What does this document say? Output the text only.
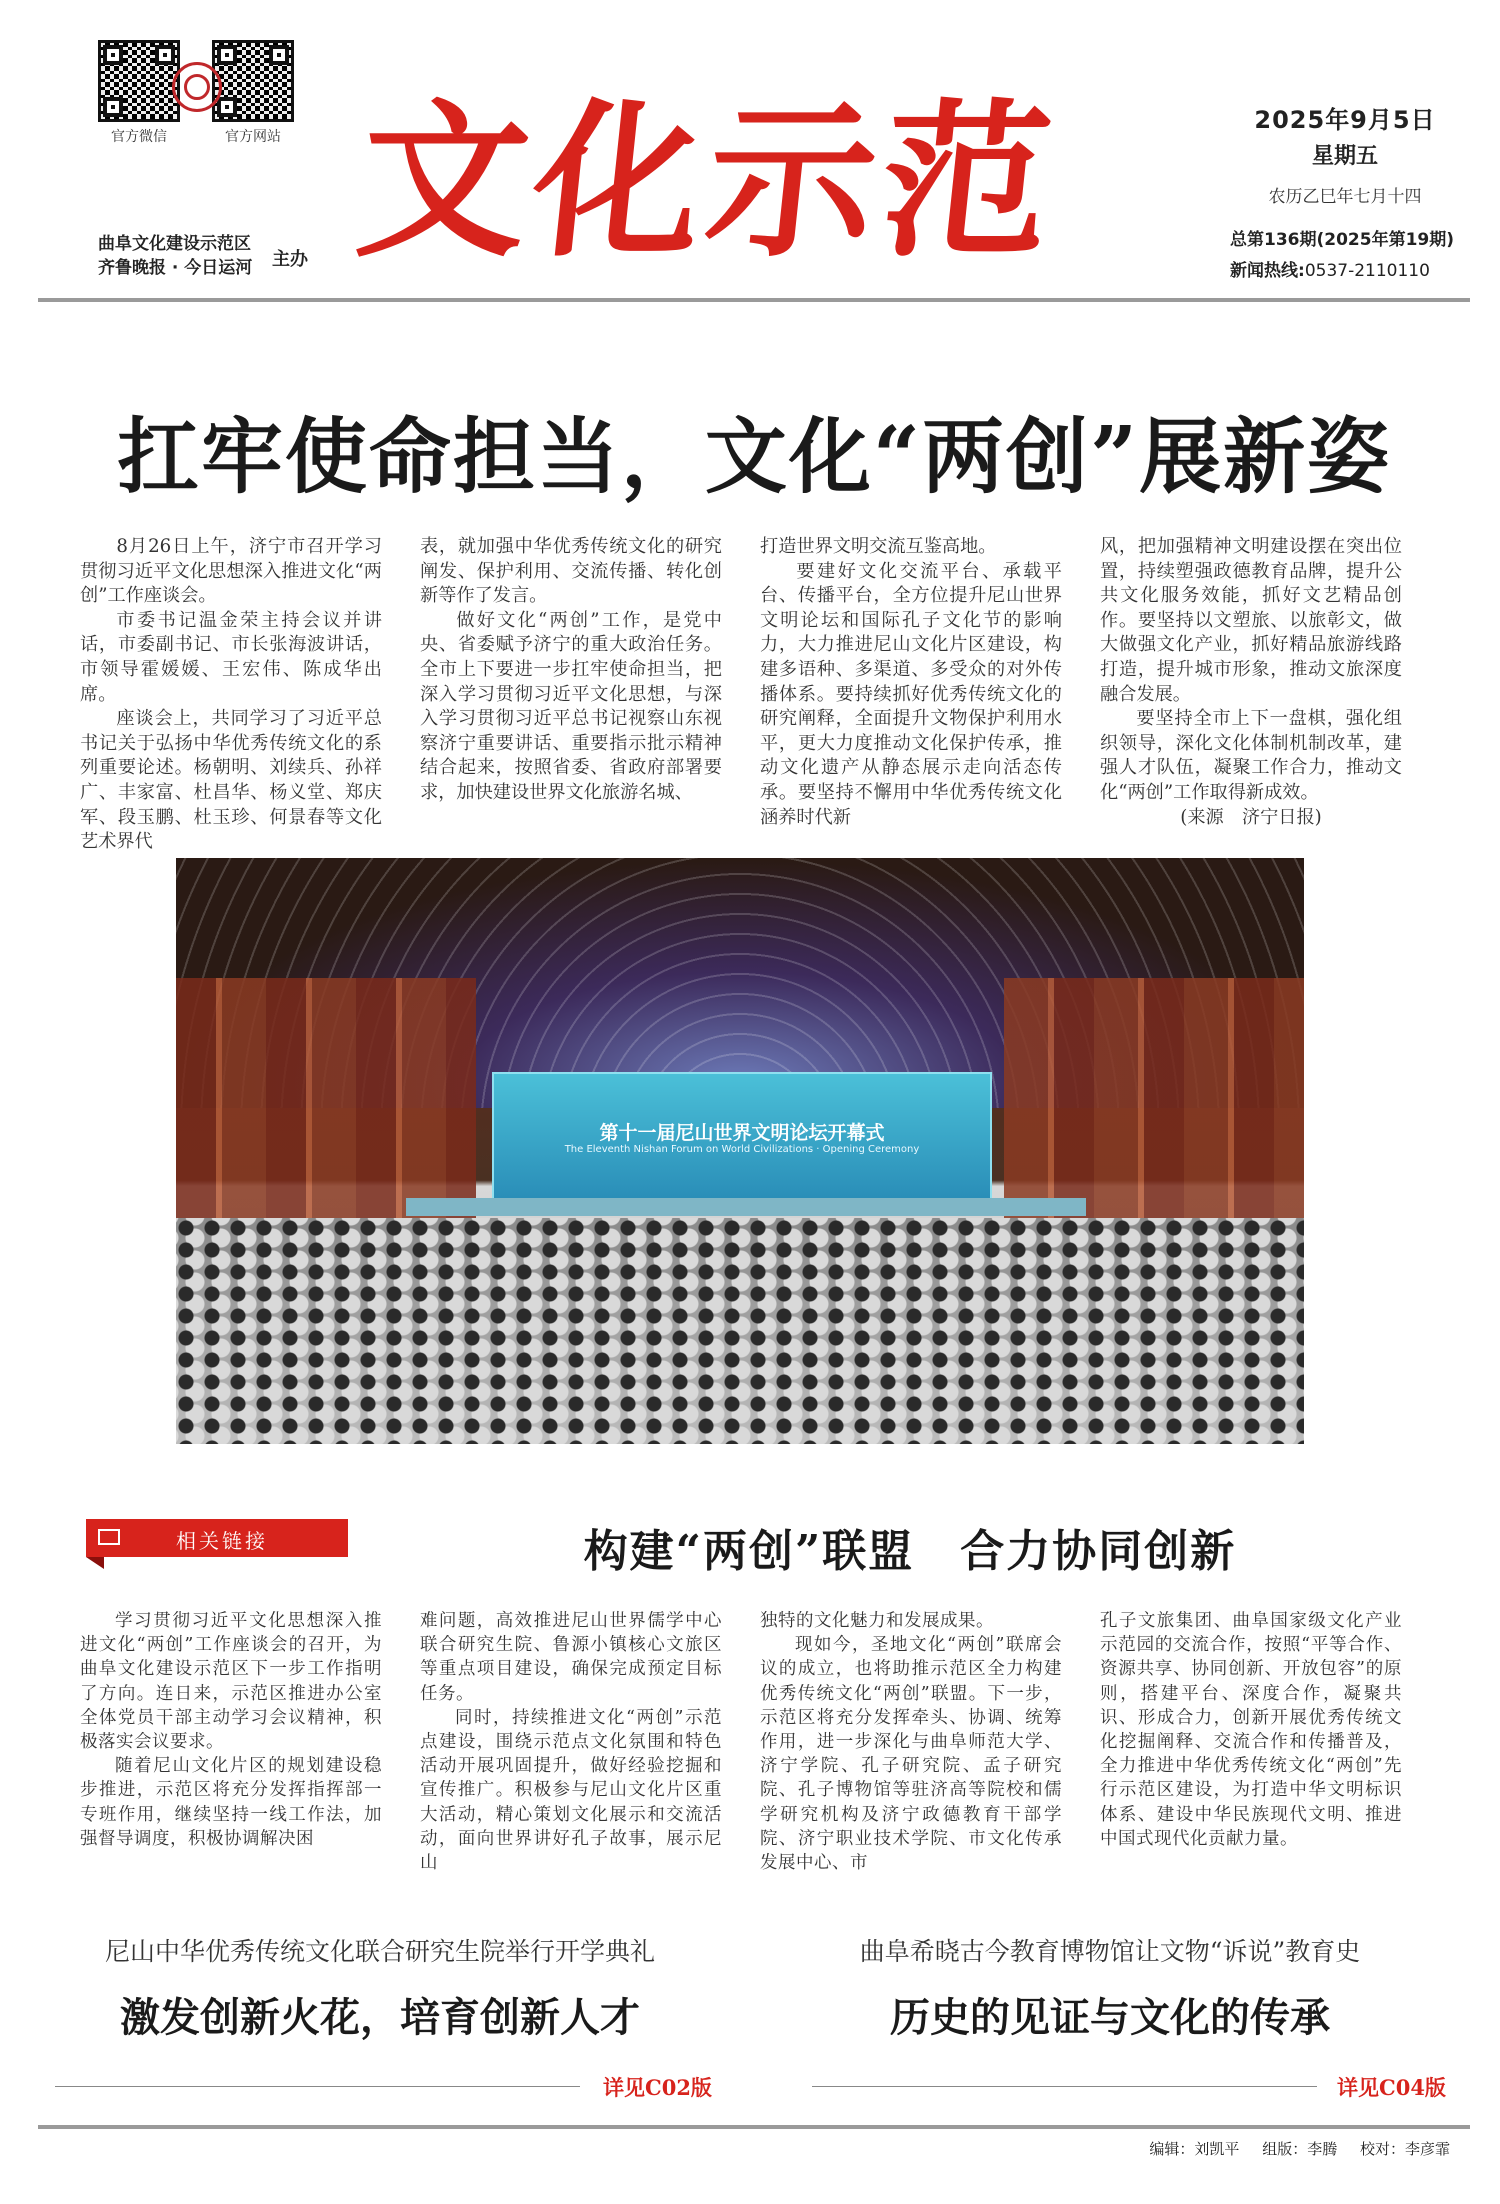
官方微信	官方网站
曲阜文化建设示范区
齐鲁晚报 · 今日运河 主办 文化示范	2025年9月5日
星期五
农历乙巳年七月十四
总第136期(2025年第19期)
新闻热线:0537-2110110
扛牢使命担当，文化“两创”展新姿

8月26日上午，济宁市召开学习贯彻习近平文化思想深入推进文化“两创”工作座谈会。

市委书记温金荣主持会议并讲话，市委副书记、市长张海波讲话，市领导霍媛媛、王宏伟、陈成华出席。

座谈会上，共同学习了习近平总书记关于弘扬中华优秀传统文化的系列重要论述。杨朝明、刘续兵、孙祥广、丰家富、杜昌华、杨义堂、郑庆军、段玉鹏、杜玉珍、何景春等文化艺术界代

表，就加强中华优秀传统文化的研究阐发、保护利用、交流传播、转化创新等作了发言。

做好文化“两创”工作，是党中央、省委赋予济宁的重大政治任务。全市上下要进一步扛牢使命担当，把深入学习贯彻习近平文化思想，与深入学习贯彻习近平总书记视察山东视察济宁重要讲话、重要指示批示精神结合起来，按照省委、省政府部署要求，加快建设世界文化旅游名城、

打造世界文明交流互鉴高地。

要建好文化交流平台、承载平台、传播平台，全方位提升尼山世界文明论坛和国际孔子文化节的影响力，大力推进尼山文化片区建设，构建多语种、多渠道、多受众的对外传播体系。要持续抓好优秀传统文化的研究阐释，全面提升文物保护利用水平，更大力度推动文化保护传承，推动文化遗产从静态展示走向活态传承。要坚持不懈用中华优秀传统文化涵养时代新

风，把加强精神文明建设摆在突出位置，持续塑强政德教育品牌，提升公共文化服务效能，抓好文艺精品创作。要坚持以文塑旅、以旅彰文，做大做强文化产业，抓好精品旅游线路打造，提升城市形象，推动文旅深度融合发展。

要坚持全市上下一盘棋，强化组织领导，深化文化体制机制改革，建强人才队伍，凝聚工作合力，推动文化“两创”工作取得新成效。

(来源　济宁日报)

第十一届尼山世界文明论坛开幕式
The Eleventh Nishan Forum on World Civilizations · Opening Ceremony
相关链接	构建“两创”联盟　合力协同创新

学习贯彻习近平文化思想深入推进文化“两创”工作座谈会的召开，为曲阜文化建设示范区下一步工作指明了方向。连日来，示范区推进办公室全体党员干部主动学习会议精神，积极落实会议要求。

随着尼山文化片区的规划建设稳步推进，示范区将充分发挥指挥部一专班作用，继续坚持一线工作法，加强督导调度，积极协调解决困

难问题，高效推进尼山世界儒学中心联合研究生院、鲁源小镇核心文旅区等重点项目建设，确保完成预定目标任务。

同时，持续推进文化“两创”示范点建设，围绕示范点文化氛围和特色活动开展巩固提升，做好经验挖掘和宣传推广。积极参与尼山文化片区重大活动，精心策划文化展示和交流活动，面向世界讲好孔子故事，展示尼山

独特的文化魅力和发展成果。

现如今，圣地文化“两创”联席会议的成立，也将助推示范区全力构建优秀传统文化“两创”联盟。下一步，示范区将充分发挥牵头、协调、统筹作用，进一步深化与曲阜师范大学、济宁学院、孔子研究院、孟子研究院、孔子博物馆等驻济高等院校和儒学研究机构及济宁政德教育干部学院、济宁职业技术学院、市文化传承发展中心、市

孔子文旅集团、曲阜国家级文化产业示范园的交流合作，按照“平等合作、资源共享、协同创新、开放包容”的原则，搭建平台、深度合作，凝聚共识、形成合力，创新开展优秀传统文化挖掘阐释、交流合作和传播普及，全力推进中华优秀传统文化“两创”先行示范区建设，为打造中华文明标识体系、建设中华民族现代文明、推进中国式现代化贡献力量。

尼山中华优秀传统文化联合研究生院举行开学典礼
激发创新火花，培育创新人才
详见C02版
曲阜希晓古今教育博物馆让文物“诉说”教育史
历史的见证与文化的传承
详见C04版
编辑：刘凯平 组版：李腾 校对：李彦霏
